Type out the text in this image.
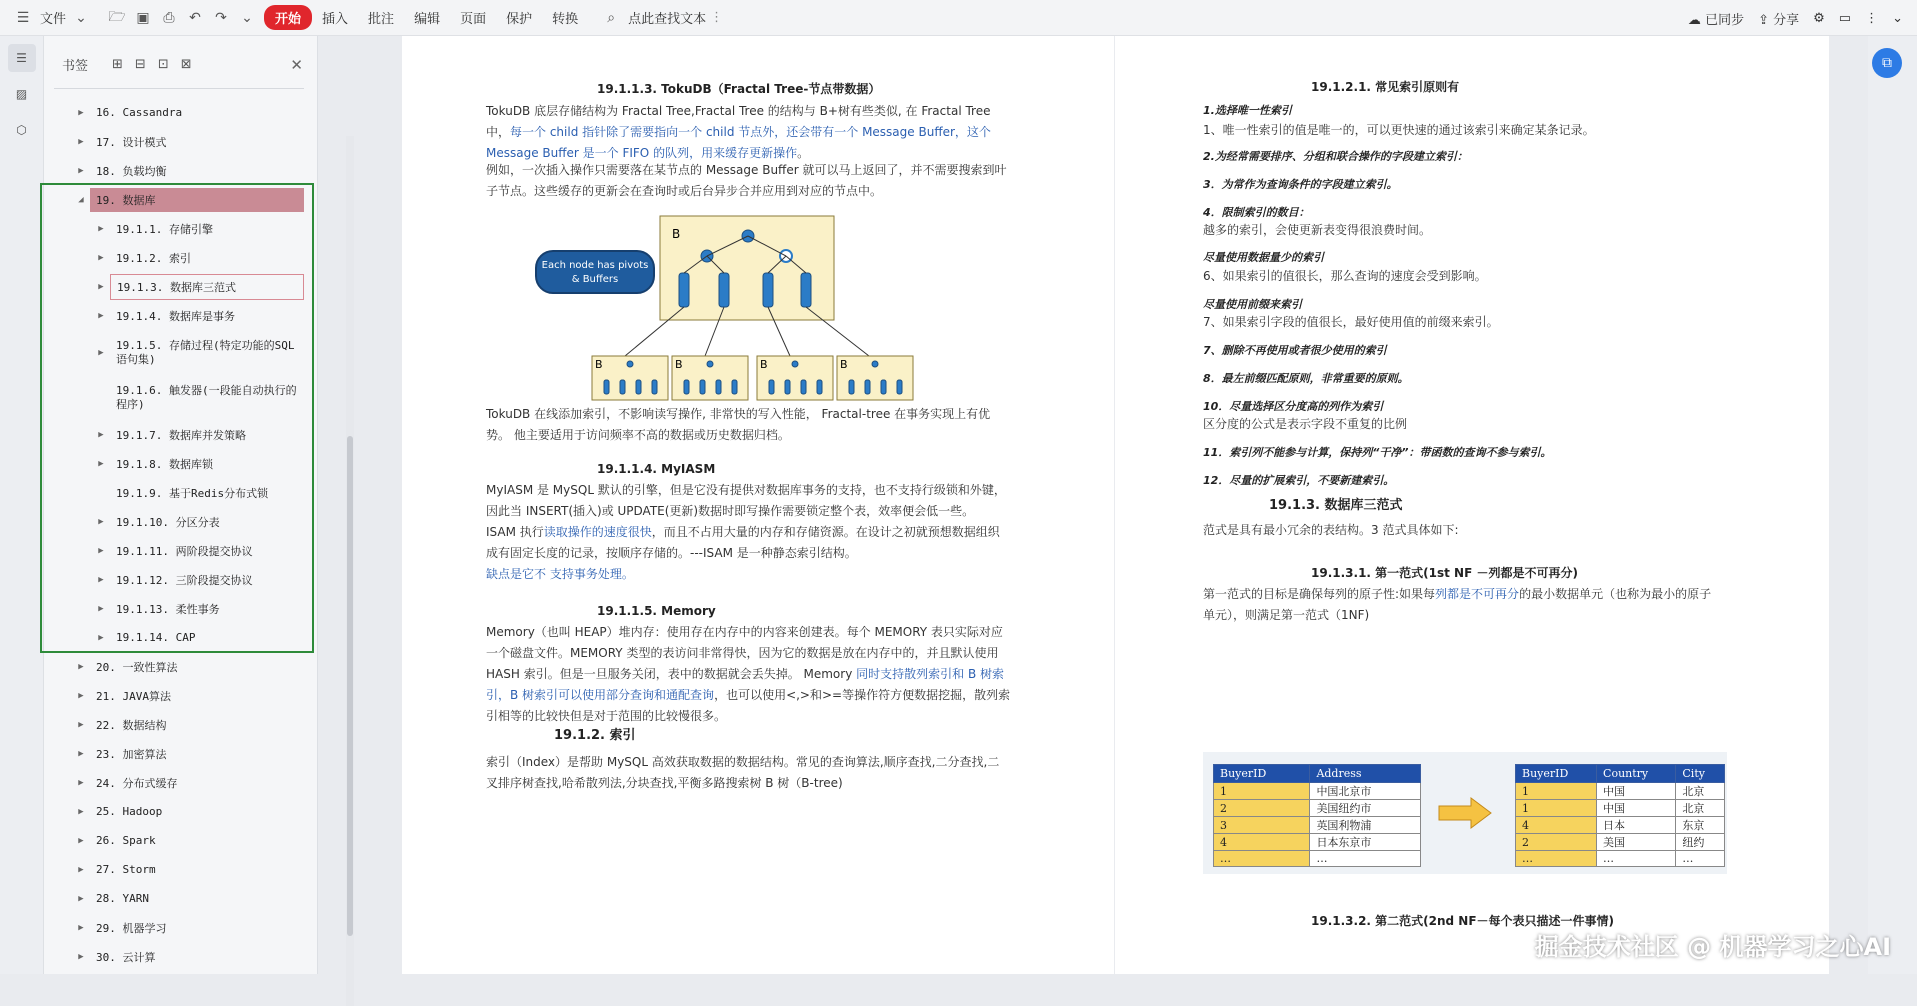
☰ 文件 ⌄ 🗁 ▣ ⎙ ↶ ↷ ⌄	开始	插入	批注	编辑	页面	保护	转换	⌕	点此查找文本 ⋮	☁ 已同步 ⇪ 分享 ⚙ ▭ ⋮ ⌄
☰
▨
⬡
书签 ⊞ ⊟ ⊡ ⊠	✕
▶	16. Cassandra
▶	17. 设计模式
▶	18. 负载均衡
◢	19. 数据库
▶	19.1.1. 存储引擎
▶	19.1.2. 索引
▶	19.1.3. 数据库三范式
▶	19.1.4. 数据库是事务
▶
19.1.5. 存储过程(特定功能的SQL 语句集)
19.1.6. 触发器(一段能自动执行的程序)
▶	19.1.7. 数据库并发策略
▶	19.1.8. 数据库锁
19.1.9. 基于Redis分布式锁
▶	19.1.10. 分区分表
▶	19.1.11. 两阶段提交协议
▶	19.1.12. 三阶段提交协议
▶	19.1.13. 柔性事务
▶	19.1.14. CAP
▶	20. 一致性算法
▶	21. JAVA算法
▶	22. 数据结构
▶	23. 加密算法
▶	24. 分布式缓存
▶	25. Hadoop
▶	26. Spark
▶	27. Storm
▶	28. YARN
▶	29. 机器学习
▶	30. 云计算
19.1.1.3. TokuDB（Fractal Tree-节点带数据）
TokuDB 底层存储结构为 Fractal Tree,Fractal Tree 的结构与 B+树有些类似, 在 Fractal Tree
中，每一个 child 指针除了需要指向一个 child 节点外，还会带有一个 Message Buffer，这个
Message Buffer 是一个 FIFO 的队列，用来缓存更新操作。
例如，一次插入操作只需要落在某节点的 Message Buffer 就可以马上返回了，并不需要搜索到叶
子节点。这些缓存的更新会在查询时或后台异步合并应用到对应的节点中。
B
B	B	B	B
Each node has pivots & Buffers
TokuDB 在线添加索引，不影响读写操作, 非常快的写入性能， Fractal-tree 在事务实现上有优
势。 他主要适用于访问频率不高的数据或历史数据归档。
19.1.1.4. MyIASM
MyIASM 是 MySQL 默认的引擎，但是它没有提供对数据库事务的支持，也不支持行级锁和外键，
因此当 INSERT(插入)或 UPDATE(更新)数据时即写操作需要锁定整个表，效率便会低一些。
ISAM 执行读取操作的速度很快，而且不占用大量的内存和存储资源。在设计之初就预想数据组织
成有固定长度的记录，按顺序存储的。---ISAM 是一种静态索引结构。
缺点是它不 支持事务处理。
19.1.1.5. Memory
Memory（也叫 HEAP）堆内存：使用存在内存中的内容来创建表。每个 MEMORY 表只实际对应
一个磁盘文件。MEMORY 类型的表访问非常得快，因为它的数据是放在内存中的，并且默认使用
HASH 索引。但是一旦服务关闭，表中的数据就会丢失掉。 Memory 同时支持散列索引和 B 树索
引，B 树索引可以使用部分查询和通配查询，也可以使用<,>和>=等操作符方便数据挖掘，散列索
引相等的比较快但是对于范围的比较慢很多。
19.1.2. 索引
索引（Index）是帮助 MySQL 高效获取数据的数据结构。常见的查询算法,顺序查找,二分查找,二
叉排序树查找,哈希散列法,分块查找,平衡多路搜索树 B 树（B-tree)
19.1.2.1. 常见索引原则有
1.选择唯一性索引
1、唯一性索引的值是唯一的，可以更快速的通过该索引来确定某条记录。
2.为经常需要排序、分组和联合操作的字段建立索引：
3．为常作为查询条件的字段建立索引。
4．限制索引的数目：
越多的索引，会使更新表变得很浪费时间。
尽量使用数据量少的索引
6、如果索引的值很长，那么查询的速度会受到影响。
尽量使用前缀来索引
7、如果索引字段的值很长，最好使用值的前缀来索引。
7、删除不再使用或者很少使用的索引
8．最左前缀匹配原则，非常重要的原则。
10．尽量选择区分度高的列作为索引
区分度的公式是表示字段不重复的比例
11．索引列不能参与计算，保持列“干净”：带函数的查询不参与索引。
12．尽量的扩展索引，不要新建索引。
19.1.3. 数据库三范式
范式是具有最小冗余的表结构。3 范式具体如下:
19.1.3.1. 第一范式(1st NF －列都是不可再分)
第一范式的目标是确保每列的原子性:如果每列都是不可再分的最小数据单元（也称为最小的原子
单元），则满足第一范式（1NF)
BuyerID	Address
1	中国北京市
2	美国纽约市
3	英国利物浦
4	日本东京市
…	…
BuyerID	Country	City
1	中国	北京
1	中国	北京
4	日本	东京
2	美国	纽约
…	…	…
19.1.3.2. 第二范式(2nd NF－每个表只描述一件事情)
⧉
掘金技术社区 @ 机器学习之心AI
